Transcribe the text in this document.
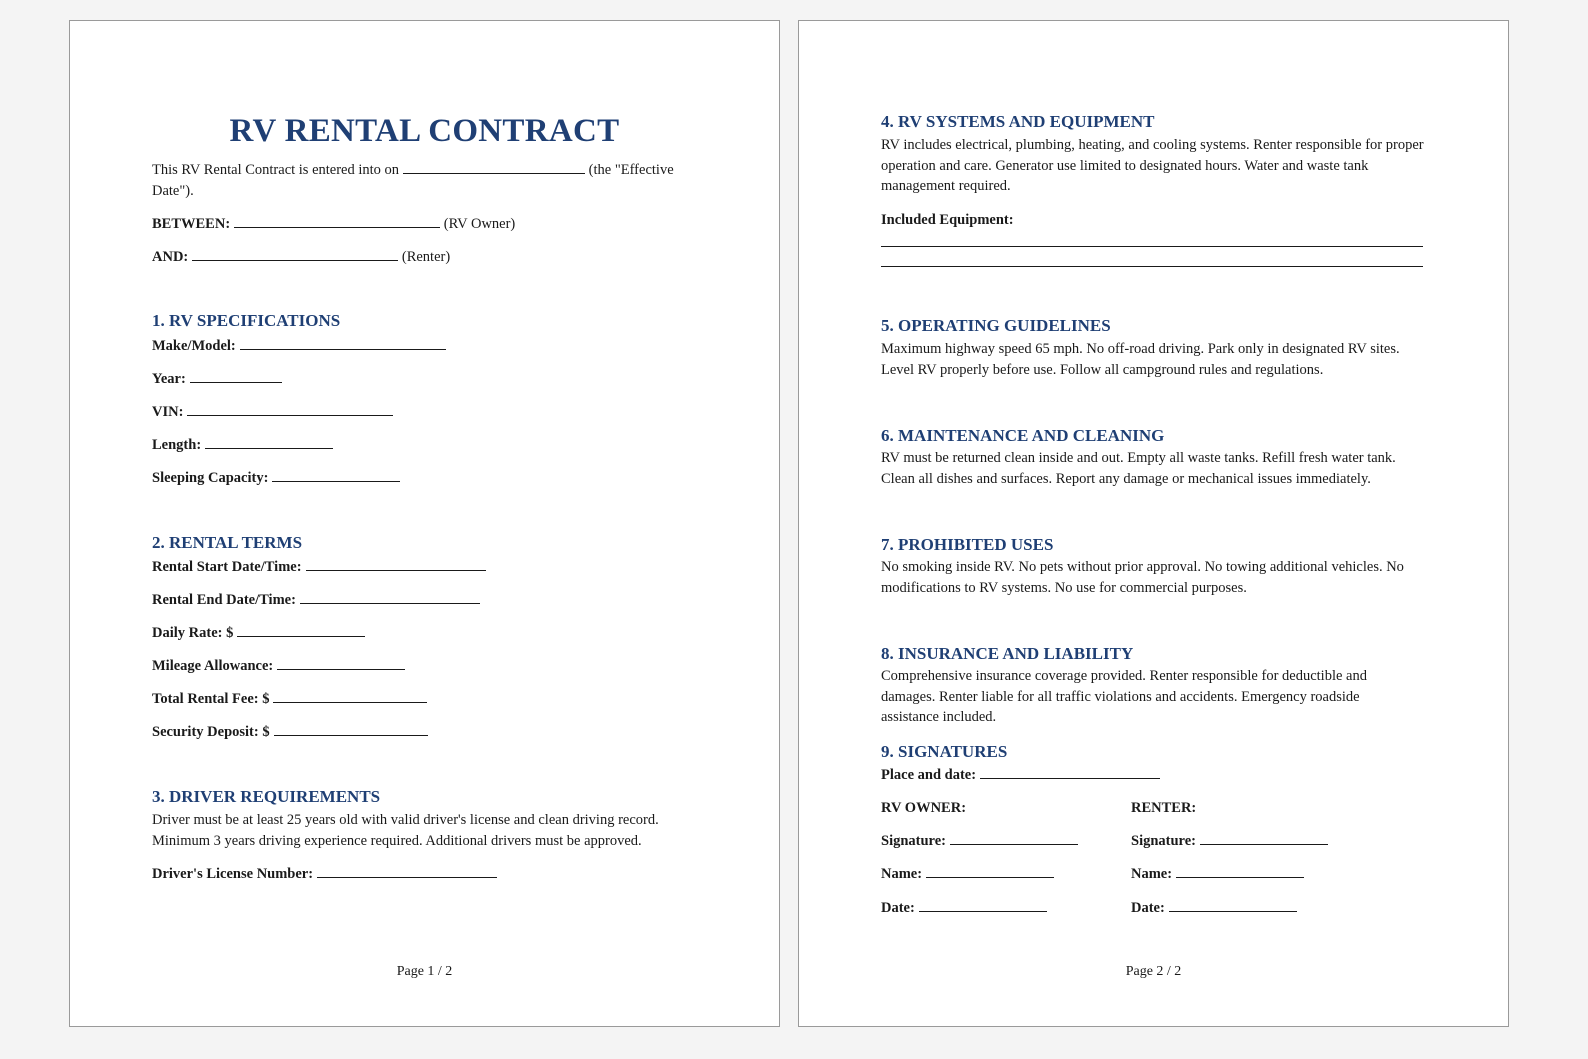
RV RENTAL CONTRACT
This RV Rental Contract is entered into on	(the "Effective Date").
BETWEEN:	(RV Owner)
AND:	(Renter)
1. RV SPECIFICATIONS
Make/Model:
Year:
VIN:
Length:
Sleeping Capacity:
2. RENTAL TERMS
Rental Start Date/Time:
Rental End Date/Time:
Daily Rate: $
Mileage Allowance:
Total Rental Fee: $
Security Deposit: $
3. DRIVER REQUIREMENTS
Driver must be at least 25 years old with valid driver's license and clean driving record. Minimum 3 years driving experience required. Additional drivers must be approved.
Driver's License Number:
Page 1 / 2
4. RV SYSTEMS AND EQUIPMENT
RV includes electrical, plumbing, heating, and cooling systems. Renter responsible for proper operation and care. Generator use limited to designated hours. Water and waste tank management required.
Included Equipment:
5. OPERATING GUIDELINES
Maximum highway speed 65 mph. No off-road driving. Park only in designated RV sites. Level RV properly before use. Follow all campground rules and regulations.
6. MAINTENANCE AND CLEANING
RV must be returned clean inside and out. Empty all waste tanks. Refill fresh water tank. Clean all dishes and surfaces. Report any damage or mechanical issues immediately.
7. PROHIBITED USES
No smoking inside RV. No pets without prior approval. No towing additional vehicles. No modifications to RV systems. No use for commercial purposes.
8. INSURANCE AND LIABILITY
Comprehensive insurance coverage provided. Renter responsible for deductible and damages. Renter liable for all traffic violations and accidents. Emergency roadside assistance included.
9. SIGNATURES
Place and date:
RV OWNER:	RENTER:
Signature:	Signature:
Name:	Name:
Date:	Date:
Page 2 / 2
